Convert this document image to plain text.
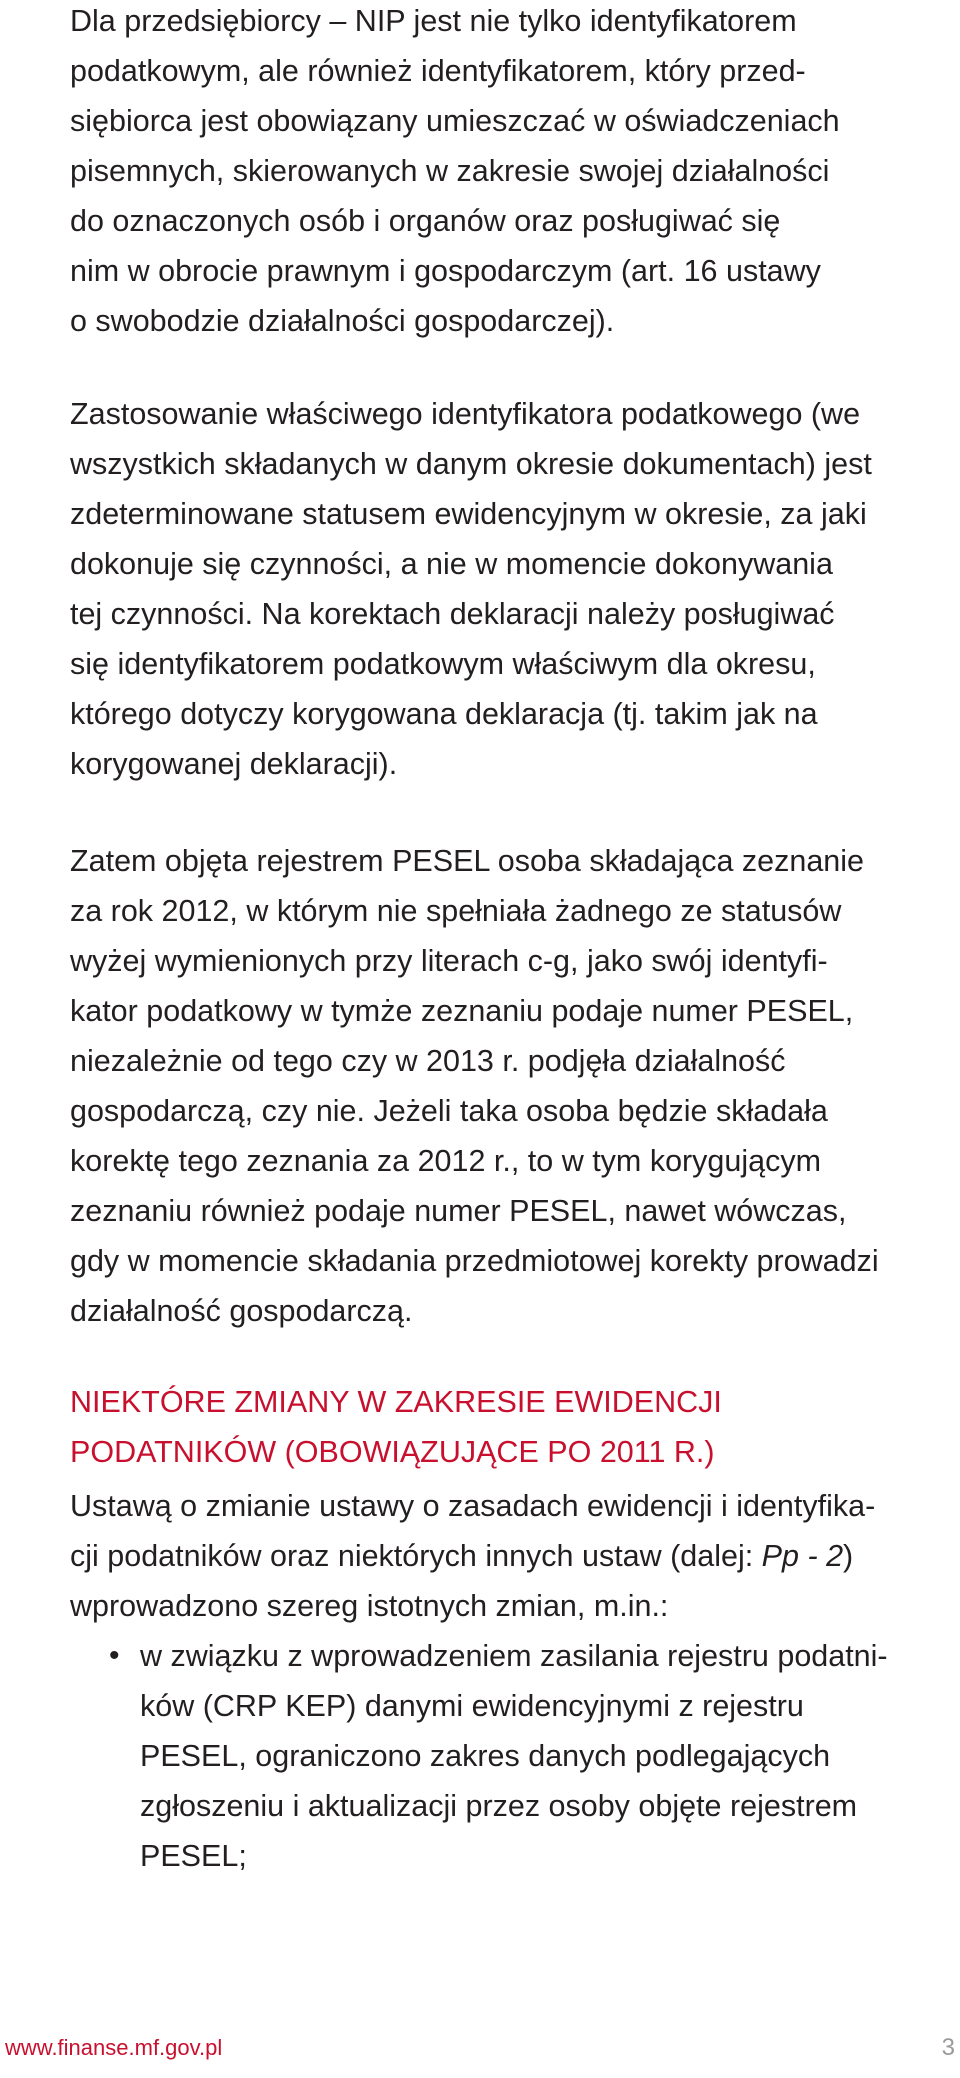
Dla przedsiębiorcy – NIP jest nie tylko identyfikatorem
podatkowym, ale również identyfikatorem, który przed-
siębiorca jest obowiązany umieszczać w oświadczeniach
pisemnych, skierowanych w zakresie swojej działalności
do oznaczonych osób i organów oraz posługiwać się
nim w obrocie prawnym i gospodarczym (art. 16 ustawy
o swobodzie działalności gospodarczej).
Zastosowanie właściwego identyfikatora podatkowego (we
wszystkich składanych w danym okresie dokumentach) jest
zdeterminowane statusem ewidencyjnym w okresie, za jaki
dokonuje się czynności, a nie w momencie dokonywania
tej czynności. Na korektach deklaracji należy posługiwać
się identyfikatorem podatkowym właściwym dla okresu,
którego dotyczy korygowana deklaracja (tj. takim jak na
korygowanej deklaracji).
Zatem objęta rejestrem PESEL osoba składająca zeznanie
za rok 2012, w którym nie spełniała żadnego ze statusów
wyżej wymienionych przy literach c-g, jako swój identyfi-
kator podatkowy w tymże zeznaniu podaje numer PESEL,
niezależnie od tego czy w 2013 r. podjęła działalność
gospodarczą, czy nie. Jeżeli taka osoba będzie składała
korektę tego zeznania za 2012 r., to w tym korygującym
zeznaniu również podaje numer PESEL, nawet wówczas,
gdy w momencie składania przedmiotowej korekty prowadzi
działalność gospodarczą.
NIEKTÓRE ZMIANY W ZAKRESIE EWIDENCJI
PODATNIKÓW (OBOWIĄZUJĄCE PO 2011 R.)
Ustawą o zmianie ustawy o zasadach ewidencji i identyfika-
cji podatników oraz niektórych innych ustaw (dalej: Pp - 2)
wprowadzono szereg istotnych zmian, m.in.:
• w związku z wprowadzeniem zasilania rejestru podatni-
ków (CRP KEP) danymi ewidencyjnymi z rejestru
PESEL, ograniczono zakres danych podlegających
zgłoszeniu i aktualizacji przez osoby objęte rejestrem
PESEL;
www.finanse.mf.gov.pl	3
